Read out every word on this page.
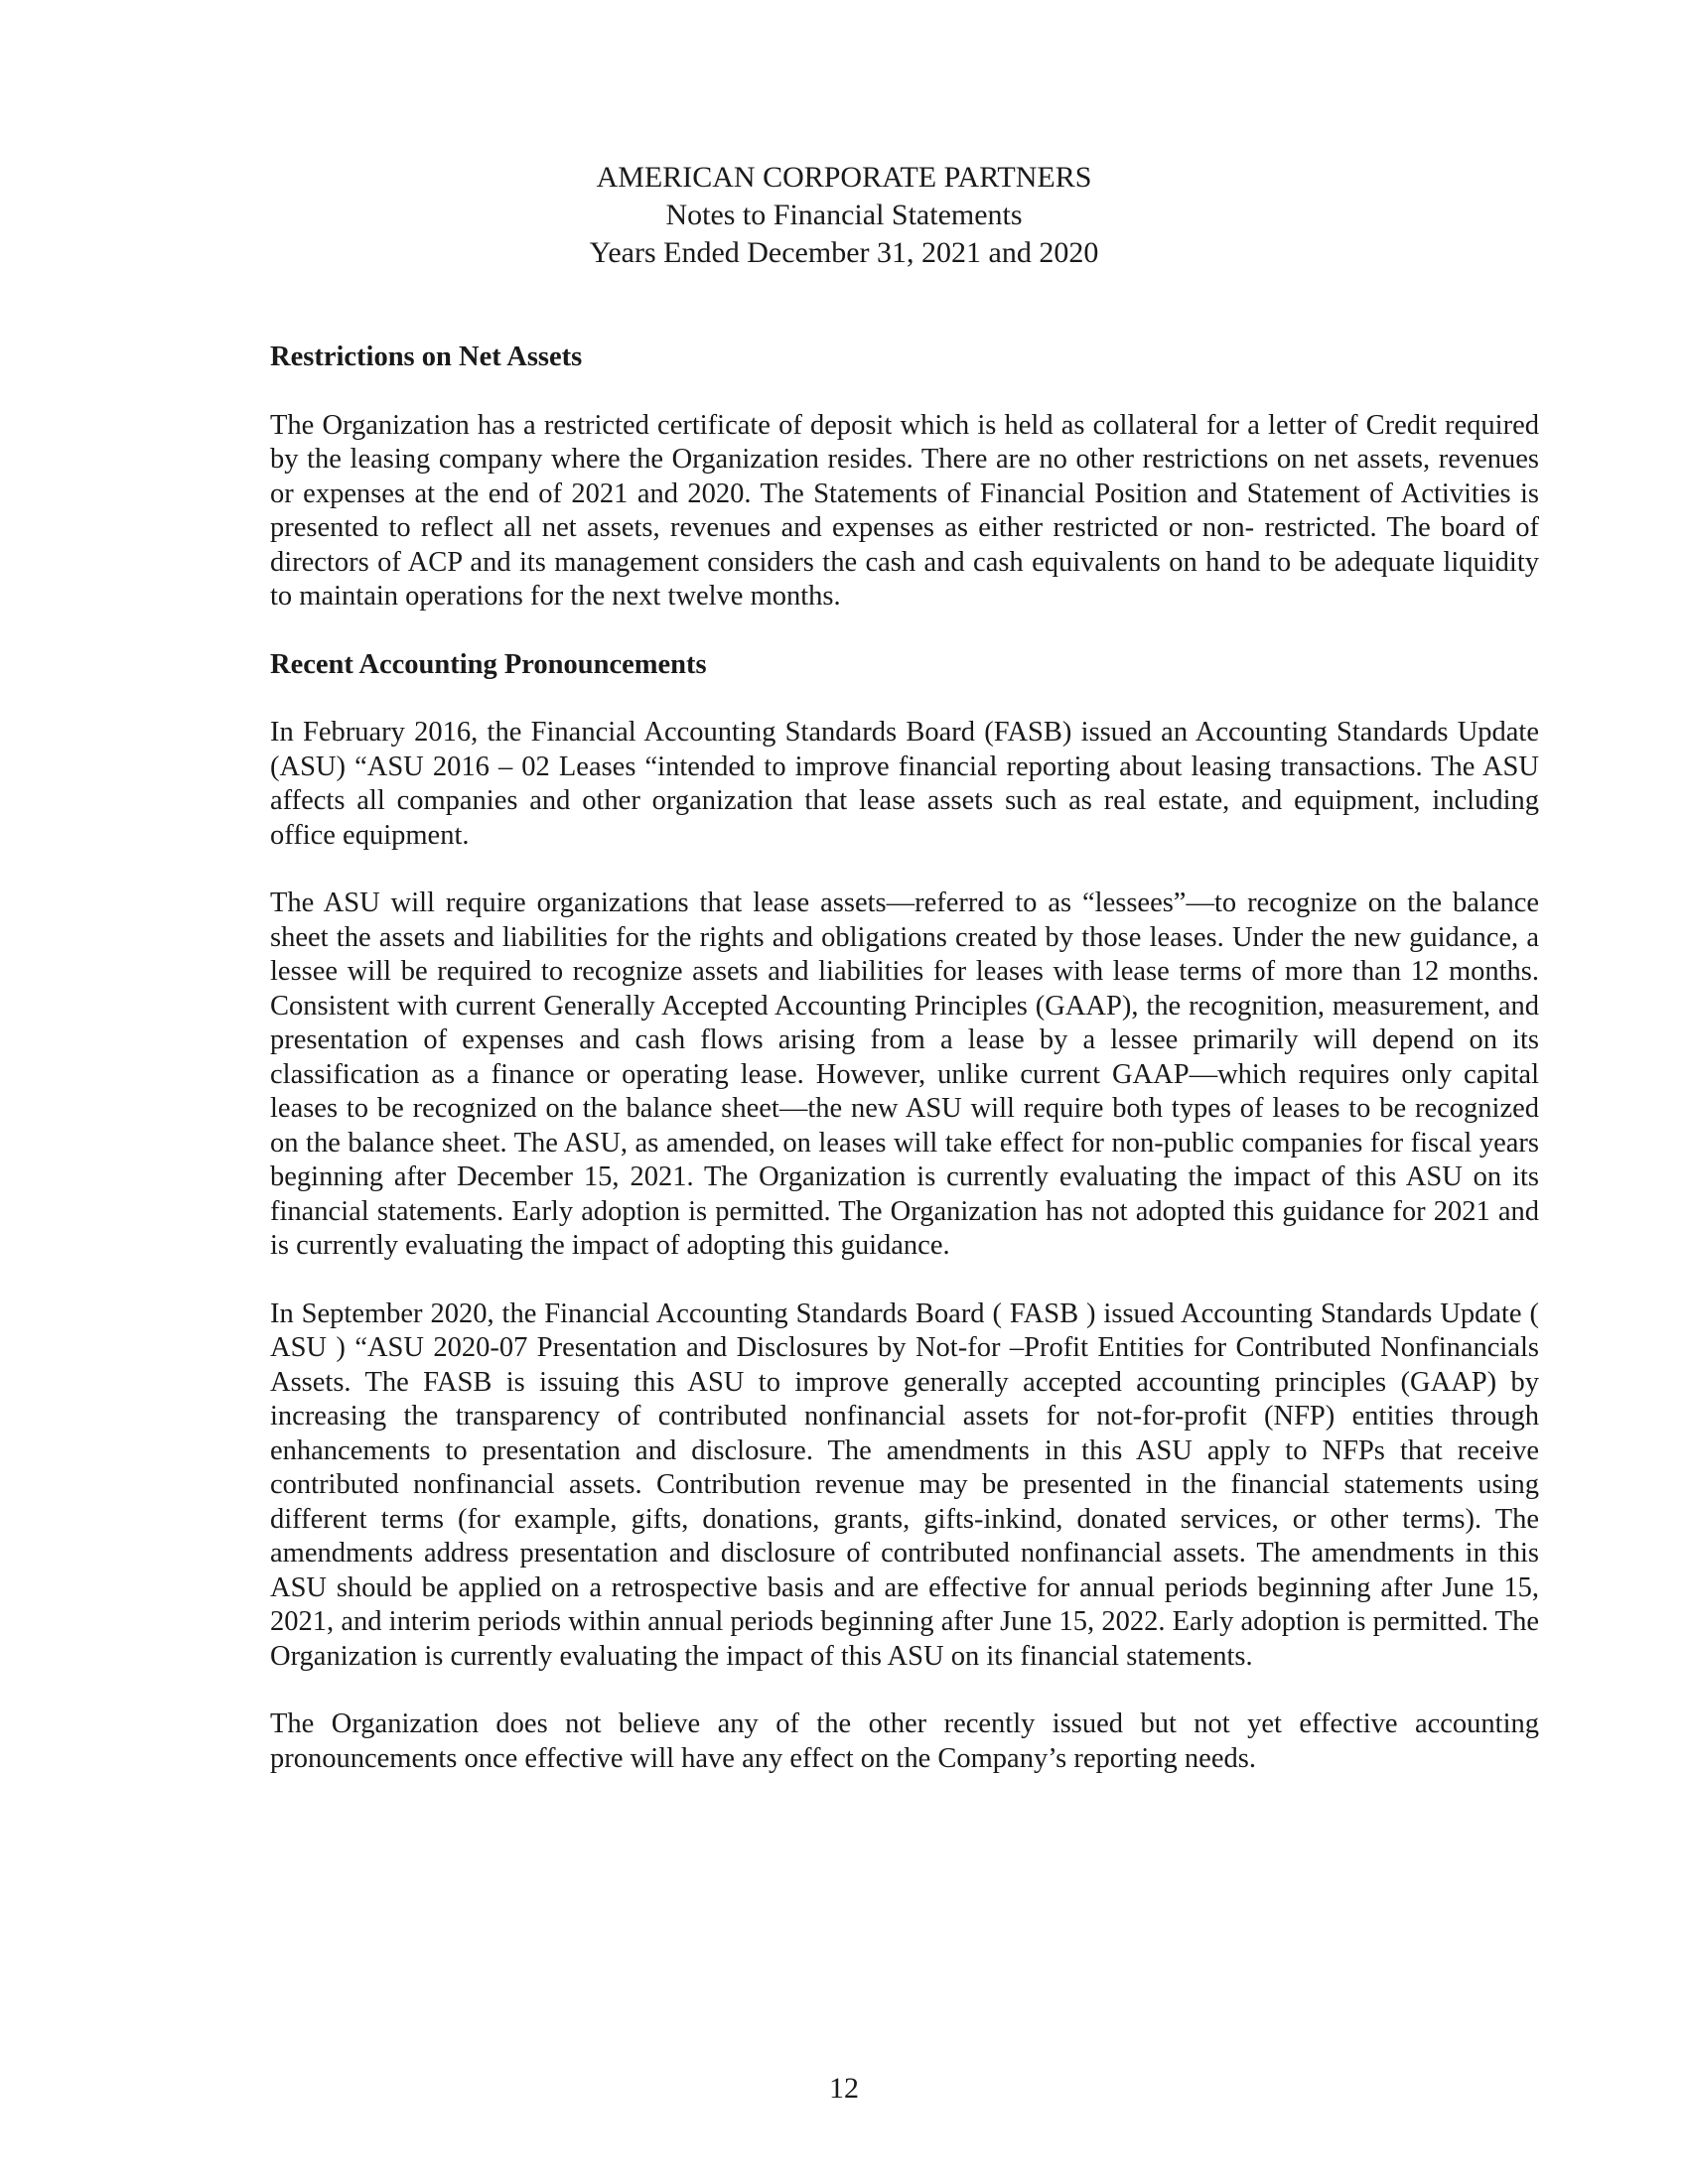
AMERICAN CORPORATE PARTNERS
Notes to Financial Statements
Years Ended December 31, 2021 and 2020
Restrictions on Net Assets

The Organization has a restricted certificate of deposit which is held as collateral for a letter of Credit required by the leasing company where the Organization resides. There are no other restrictions on net assets, revenues or expenses at the end of 2021 and 2020. The Statements of Financial Position and Statement of Activities is presented to reflect all net assets, revenues and expenses as either restricted or non- restricted. The board of directors of ACP and its management considers the cash and cash equivalents on hand to be adequate liquidity to maintain operations for the next twelve months.

Recent Accounting Pronouncements

In February 2016, the Financial Accounting Standards Board (FASB) issued an Accounting Standards Update (ASU) “ASU 2016 – 02 Leases “intended to improve financial reporting about leasing transactions. The ASU affects all companies and other organization that lease assets such as real estate, and equipment, including office equipment.

The ASU will require organizations that lease assets—referred to as “lessees”—to recognize on the balance sheet the assets and liabilities for the rights and obligations created by those leases. Under the new guidance, a lessee will be required to recognize assets and liabilities for leases with lease terms of more than 12 months. Consistent with current Generally Accepted Accounting Principles (GAAP), the recognition, measurement, and presentation of expenses and cash flows arising from a lease by a lessee primarily will depend on its classification as a finance or operating lease. However, unlike current GAAP—which requires only capital leases to be recognized on the balance sheet—the new ASU will require both types of leases to be recognized on the balance sheet. The ASU, as amended, on leases will take effect for non-public companies for fiscal years beginning after December 15, 2021. The Organization is currently evaluating the impact of this ASU on its financial statements. Early adoption is permitted. The Organization has not adopted this guidance for 2021 and is currently evaluating the impact of adopting this guidance.

In September 2020, the Financial Accounting Standards Board ( FASB ) issued Accounting Standards Update ( ASU ) “ASU 2020-07 Presentation and Disclosures by Not-for –Profit Entities for Contributed Nonfinancials Assets. The FASB is issuing this ASU to improve generally accepted accounting principles (GAAP) by increasing the transparency of contributed nonfinancial assets for not-for-profit (NFP) entities through enhancements to presentation and disclosure. The amendments in this ASU apply to NFPs that receive contributed nonfinancial assets. Contribution revenue may be presented in the financial statements using different terms (for example, gifts, donations, grants, gifts-inkind, donated services, or other terms). The amendments address presentation and disclosure of contributed nonfinancial assets. The amendments in this ASU should be applied on a retrospective basis and are effective for annual periods beginning after June 15, 2021, and interim periods within annual periods beginning after June 15, 2022. Early adoption is permitted. The Organization is currently evaluating the impact of this ASU on its financial statements.

The Organization does not believe any of the other recently issued but not yet effective accounting pronouncements once effective will have any effect on the Company’s reporting needs.

12
